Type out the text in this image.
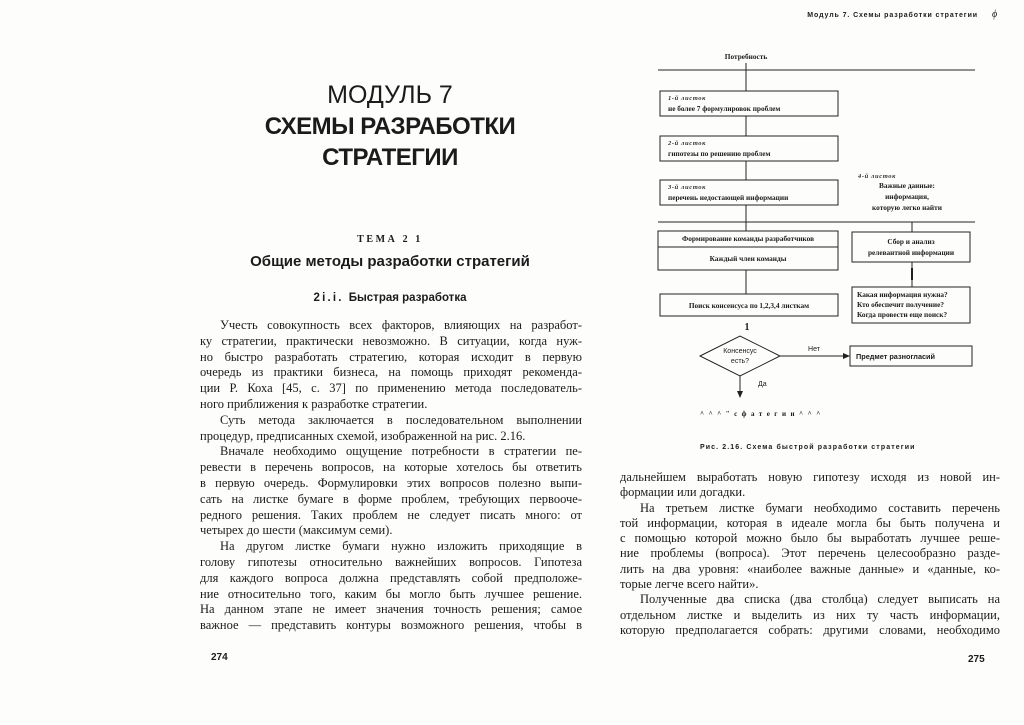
Модуль 7. Схемы разработки стратегии ϕ
МОДУЛЬ 7
СХЕМЫ РАЗРАБОТКИ
СТРАТЕГИИ
ТЕМА 2 1
Общие методы разработки стратегий
2i.i. Быстрая разработка
Учесть совокупность всех факторов, влияющих на разработ-
ку стратегии, практически невозможно. В ситуации, когда нуж-
но быстро разработать стратегию, которая исходит в первую
очередь из практики бизнеса, на помощь приходят рекоменда-
ции Р. Коха [45, с. 37] по применению метода последователь-
ного приближения к разработке стратегии.
Суть метода заключается в последовательном выполнении
процедур, предписанных схемой, изображенной на рис. 2.16.
Вначале необходимо ощущение потребности в стратегии пе-
ревести в перечень вопросов, на которые хотелось бы ответить
в первую очередь. Формулировки этих вопросов полезно выпи-
сать на листке бумаге в форме проблем, требующих первооче-
редного решения. Таких проблем не следует писать много: от
четырех до шести (максимум семи).
На другом листке бумаги нужно изложить приходящие в
голову гипотезы относительно важнейших вопросов. Гипотеза
для каждого вопроса должна представлять собой предположе-
ние относительно того, каким бы могло быть лучшее решение.
На данном этапе не имеет значения точность решения; самое
важное — представить контуры возможного решения, чтобы в
274
Потребность
1-й листок
не более 7 формулировок проблем
2-й листок
гипотезы по решению проблем
3-й листок
перечень недостающей информации
4-й листок
Важные данные:
информация,
которую легко найти
Формирование команды разработчиков
Каждый член команды
Сбор и анализ
релевантной информации
Поиск консенсуса по 1,2,3,4 листкам
Какая информация нужна?
Кто обеспечит получение?
Когда провести еще поиск?
1
Консенсус
есть?
Нет
Предмет разногласий
Да
^^^"сфатегии^^^
Рис. 2.16. Схема быстрой разработки стратегии
дальнейшем выработать новую гипотезу исходя из новой ин-
формации или догадки.
На третьем листке бумаги необходимо составить перечень
той информации, которая в идеале могла бы быть получена и
с помощью которой можно было бы выработать лучшее реше-
ние проблемы (вопроса). Этот перечень целесообразно разде-
лить на два уровня: «наиболее важные данные» и «данные, ко-
торые легче всего найти».
Полученные два списка (два столбца) следует выписать на
отдельном листке и выделить из них ту часть информации,
которую предполагается собрать: другими словами, необходимо
275
